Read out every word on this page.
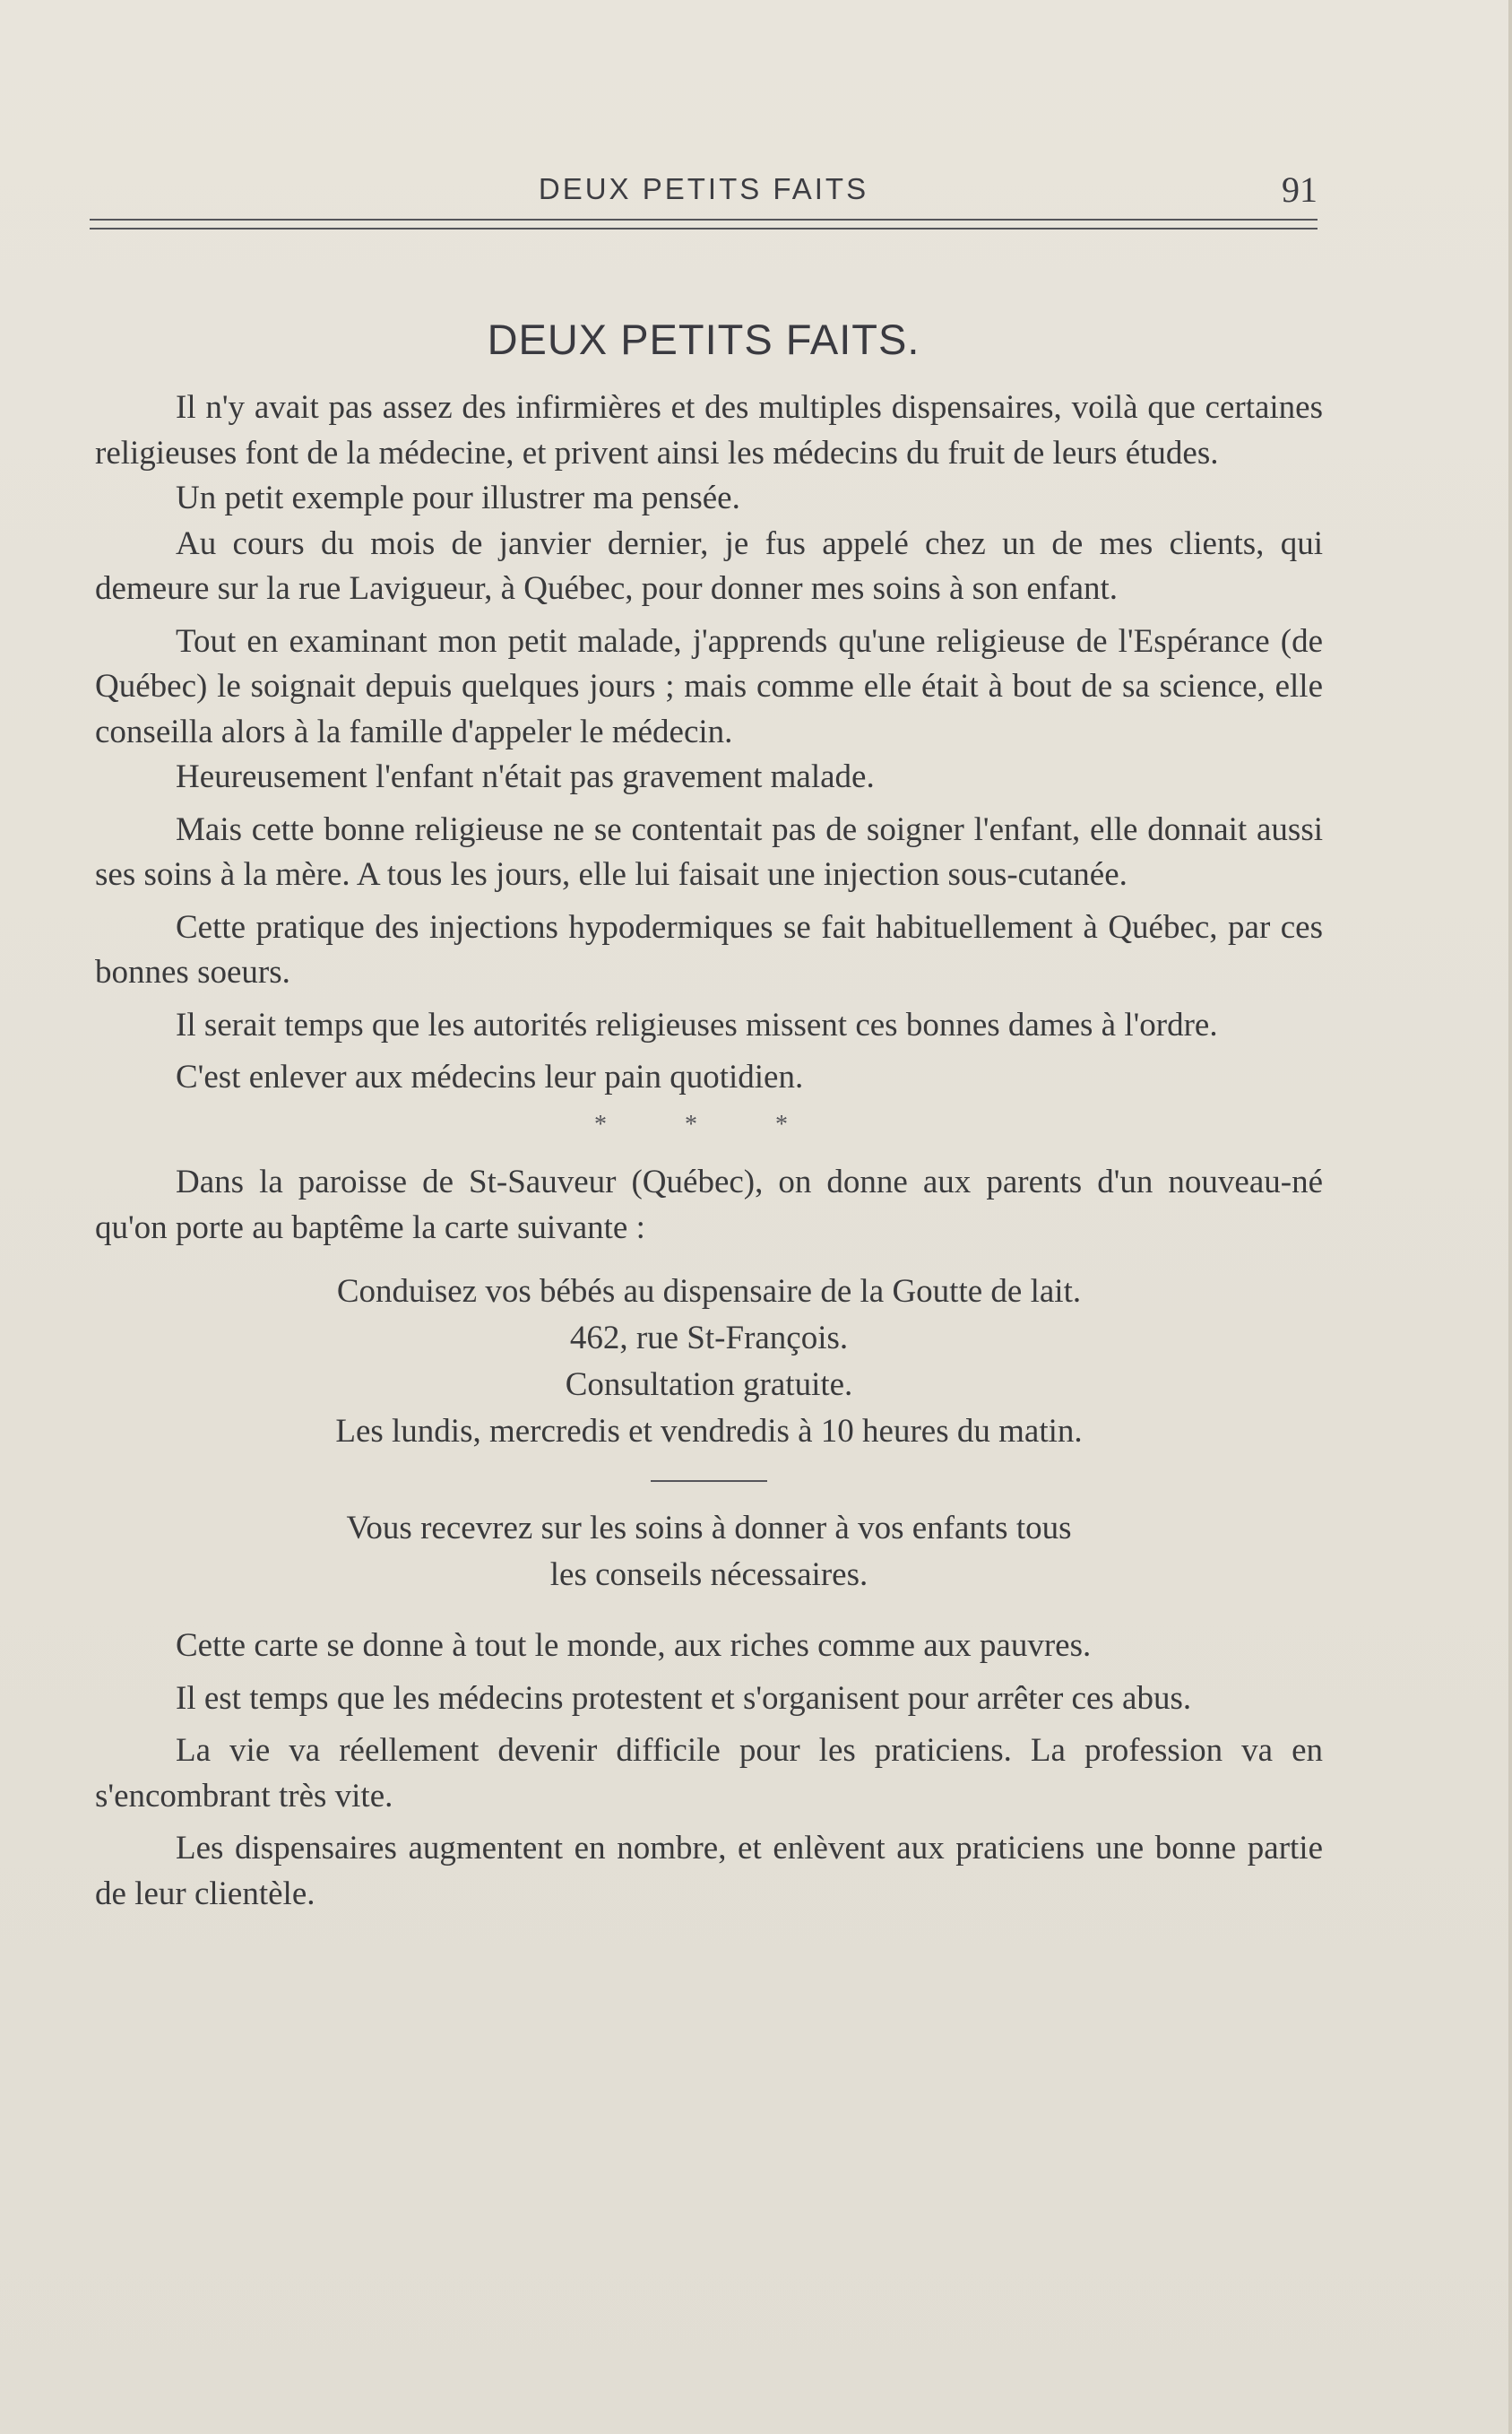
DEUX PETITS FAITS	91
DEUX PETITS FAITS.

Il n'y avait pas assez des infirmières et des multiples dispensaires, voilà que certaines religieuses font de la médecine, et privent ainsi les médecins du fruit de leurs études.

Un petit exemple pour illustrer ma pensée.

Au cours du mois de janvier dernier, je fus appelé chez un de mes clients, qui demeure sur la rue Lavigueur, à Québec, pour donner mes soins à son enfant.

Tout en examinant mon petit malade, j'apprends qu'une religieuse de l'Espérance (de Québec) le soignait depuis quelques jours ; mais comme elle était à bout de sa science, elle conseilla alors à la famille d'appeler le médecin.

Heureusement l'enfant n'était pas gravement malade.

Mais cette bonne religieuse ne se contentait pas de soigner l'enfant, elle donnait aussi ses soins à la mère. A tous les jours, elle lui faisait une injection sous-cutanée.

Cette pratique des injections hypodermiques se fait habituellement à Québec, par ces bonnes soeurs.

Il serait temps que les autorités religieuses missent ces bonnes dames à l'ordre.

C'est enlever aux médecins leur pain quotidien.

* * *

Dans la paroisse de St-Sauveur (Québec), on donne aux parents d'un nouveau-né qu'on porte au baptême la carte suivante :

Conduisez vos bébés au dispensaire de la Goutte de lait.
462, rue St-François.
Consultation gratuite.
Les lundis, mercredis et vendredis à 10 heures du matin.
Vous recevrez sur les soins à donner à vos enfants tous
les conseils nécessaires.

Cette carte se donne à tout le monde, aux riches comme aux pauvres.

Il est temps que les médecins protestent et s'organisent pour arrêter ces abus.

La vie va réellement devenir difficile pour les praticiens. La profession va en s'encombrant très vite.

Les dispensaires augmentent en nombre, et enlèvent aux praticiens une bonne partie de leur clientèle.
